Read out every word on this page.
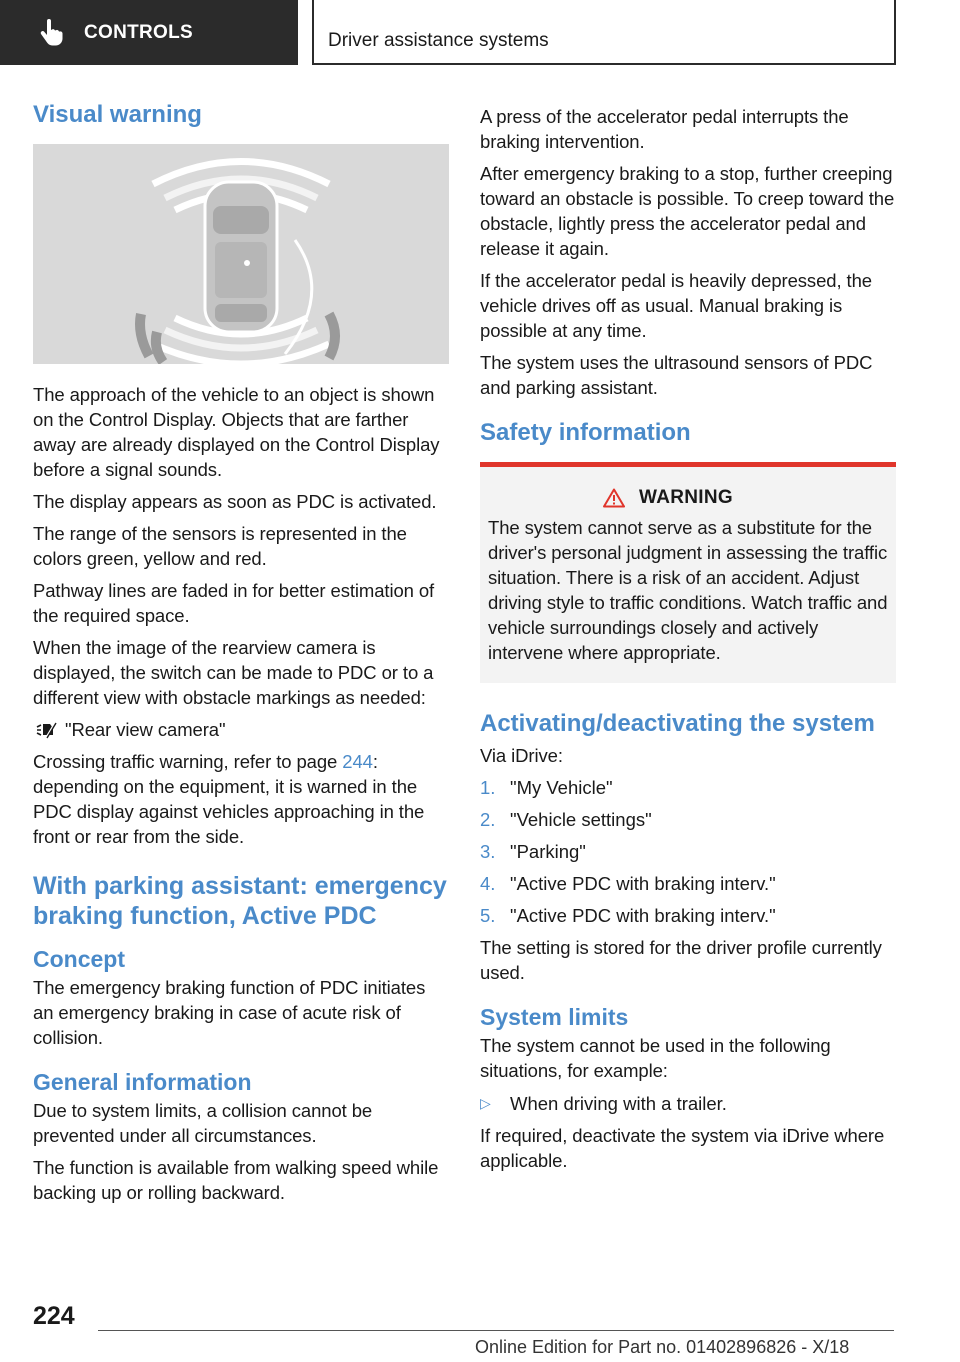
CONTROLS	Driver assistance systems
Visual warning

The approach of the vehicle to an object is shown on the Control Display. Objects that are farther away are already displayed on the Control Display before a signal sounds.

The display appears as soon as PDC is activated.

The range of the sensors is represented in the colors green, yellow and red.

Pathway lines are faded in for better estimation of the required space.

When the image of the rearview camera is displayed, the switch can be made to PDC or to a different view with obstacle markings as needed:

"Rear view camera"

Crossing traffic warning, refer to page 244: depending on the equipment, it is warned in the PDC display against vehicles approaching in the front or rear from the side.

With parking assistant: emergency braking function, Active PDC
Concept

The emergency braking function of PDC initiates an emergency braking in case of acute risk of collision.

General information

Due to system limits, a collision cannot be prevented under all circumstances.

The function is available from walking speed while backing up or rolling backward.

A press of the accelerator pedal interrupts the braking intervention.

After emergency braking to a stop, further creeping toward an obstacle is possible. To creep toward the obstacle, lightly press the accelerator pedal and release it again.

If the accelerator pedal is heavily depressed, the vehicle drives off as usual. Manual braking is possible at any time.

The system uses the ultrasound sensors of PDC and parking assistant.

Safety information
WARNING

The system cannot serve as a substitute for the driver's personal judgment in assessing the traffic situation. There is a risk of an accident. Adjust driving style to traffic conditions. Watch traffic and vehicle surroundings closely and actively intervene where appropriate.

Activating/deactivating the system

Via iDrive:

1. "My Vehicle"
2. "Vehicle settings"
3. "Parking"
4. "Active PDC with braking interv."
5. "Active PDC with braking interv."

The setting is stored for the driver profile currently used.

System limits

The system cannot be used in the following situations, for example:

▷	When driving with a trailer.

If required, deactivate the system via iDrive where applicable.

224
Online Edition for Part no. 01402896826 - X/18
